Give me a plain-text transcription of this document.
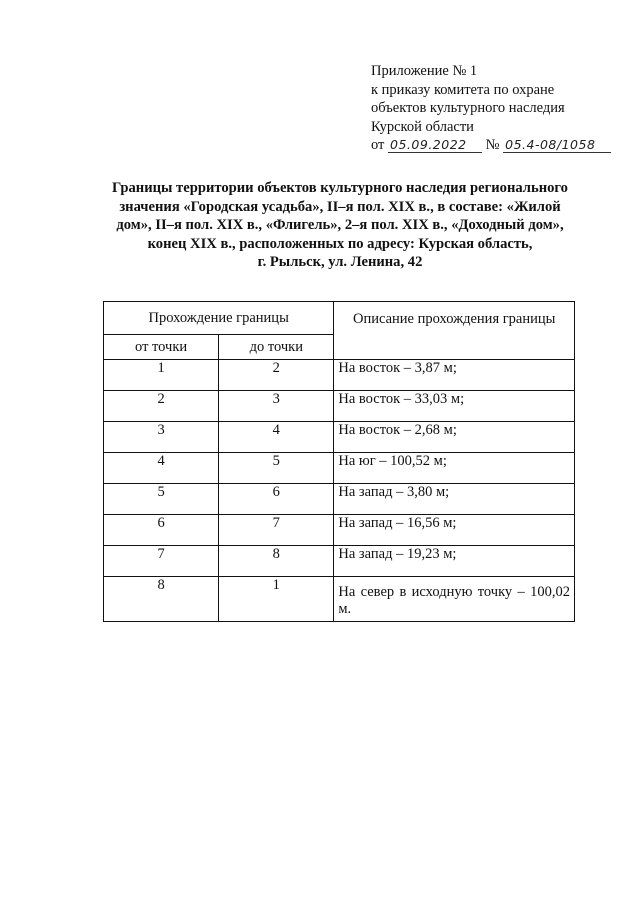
Приложение № 1
к приказу комитета по охране
объектов культурного наследия
Курской области
от 05.09.2022 № 05.4-08/1058
Границы территории объектов культурного наследия регионального
значения «Городская усадьба», II–я пол. XIX в., в составе: «Жилой
дом», II–я пол. XIX в., «Флигель», 2–я пол. XIX в., «Доходный дом»,
конец XIX в., расположенных по адресу: Курская область,
г. Рыльск, ул. Ленина, 42
Прохождение границы		Описание прохождения границы
от точки	до точки	
1	2	На восток – 3,87 м;
2	3	На восток – 33,03 м;
3	4	На восток – 2,68 м;
4	5	На юг – 100,52 м;
5	6	На запад – 3,80 м;
6	7	На запад – 16,56 м;
7	8	На запад – 19,23 м;
8	1	На север в исходную точку – 100,02 м.
